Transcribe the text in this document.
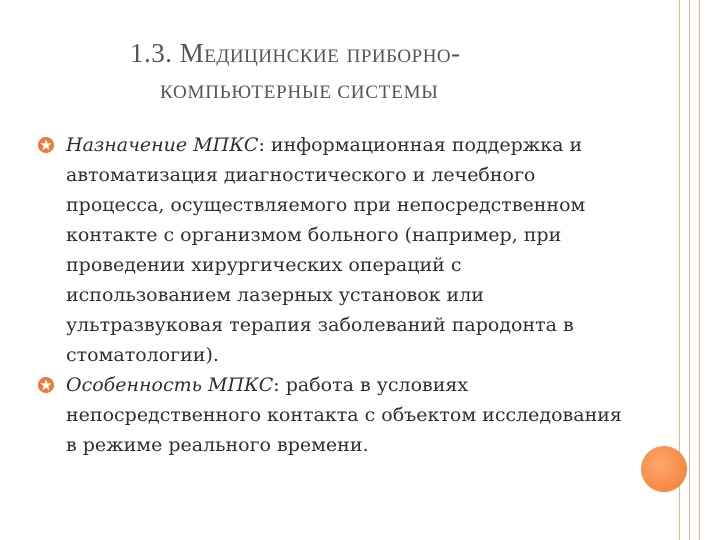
1.3. Медицинские приборно-
КОМПЬЮТЕРНЫЕ СИСТЕМЫ

Назначение МПКС: информационная поддержка и автоматизация диагностического и лечебного процесса, осуществляемого при непосредственном контакте с организмом больного (например, при проведении хирургических операций с использованием лазерных установок или ультразвуковая терапия заболеваний пародонта в стоматологии).

Особенность МПКС: работа в условиях непосредственного контакта с объектом исследования в режиме реального времени.
